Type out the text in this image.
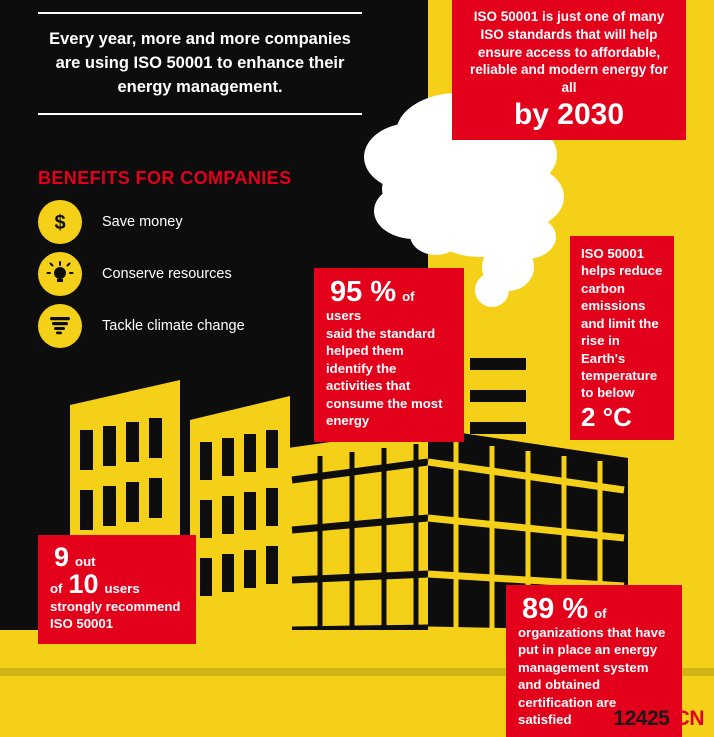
Every year, more and more companies are using ISO 50001 to enhance their energy management.
BENEFITS FOR COMPANIES
$	Save money
Conserve resources
Tackle climate change
ISO 50001 is just one of many ISO standards that will help ensure access to affordable, reliable and modern energy for all
by 2030
95 % of users
said the standard helped them identify the activities that consume the most energy
ISO 50001 helps reduce carbon emissions and limit the rise in Earth's temperature to below
2 °C
9 out of 10 users
strongly recommend ISO 50001	89 % of
organizations that have put in place an energy management system and obtained certification are satisfied	12425.CN
